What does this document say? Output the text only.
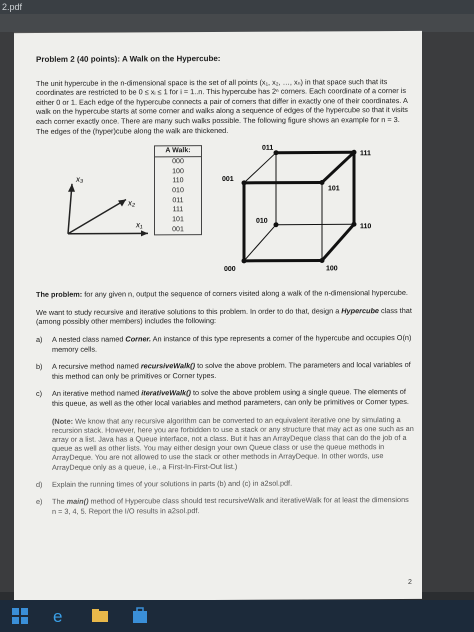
2.pdf
Problem 2 (40 points): A Walk on the Hypercube:
The unit hypercube in the n-dimensional space is the set of all points (x₁, x₂, …, xₙ) in that space such that its coordinates are restricted to be 0 ≤ xᵢ ≤ 1 for i = 1..n. This hypercube has 2ⁿ corners. Each coordinate of a corner is either 0 or 1. Each edge of the hypercube connects a pair of corners that differ in exactly one of their coordinates. A walk on the hypercube starts at some corner and walks along a sequence of edges of the hypercube so that it visits each corner exactly once. There are many such walks possible. The following figure shows an example for n = 3. The edges of the (hyper)cube along the walk are thickened.
x₁
x₂
x₃
A Walk:
000
100
110
010
011
111
101
001
011
111
001
101
010
110
000	100
The problem: for any given n, output the sequence of corners visited along a walk of the n-dimensional hypercube.
We want to study recursive and iterative solutions to this problem. In order to do that, design a Hypercube class that (among possibly other members) includes the following:
a)	A nested class named Corner. An instance of this type represents a corner of the hypercube and occupies O(n) memory cells.
b)	A recursive method named recursiveWalk() to solve the above problem. The parameters and local variables of this method can only be primitives or Corner types.
c)	An iterative method named iterativeWalk() to solve the above problem using a single queue. The elements of this queue, as well as the other local variables and method parameters, can only be primitives or Corner types.
(Note: We know that any recursive algorithm can be converted to an equivalent iterative one by simulating a recursion stack. However, here you are forbidden to use a stack or any structure that may act as one such as an array or a list. Java has a Queue interface, not a class. But it has an ArrayDeque class that can do the job of a queue as well as other lists. You may either design your own Queue class or use the queue methods in ArrayDeque. You are not allowed to use the stack or other methods in ArrayDeque. In other words, use ArrayDeque only as a queue, i.e., a First-In-First-Out list.)
d)	Explain the running times of your solutions in parts (b) and (c) in a2sol.pdf.
e)	The main() method of Hypercube class should test recursiveWalk and iterativeWalk for at least the dimensions n = 3, 4, 5. Report the I/O results in a2sol.pdf.
2
e
